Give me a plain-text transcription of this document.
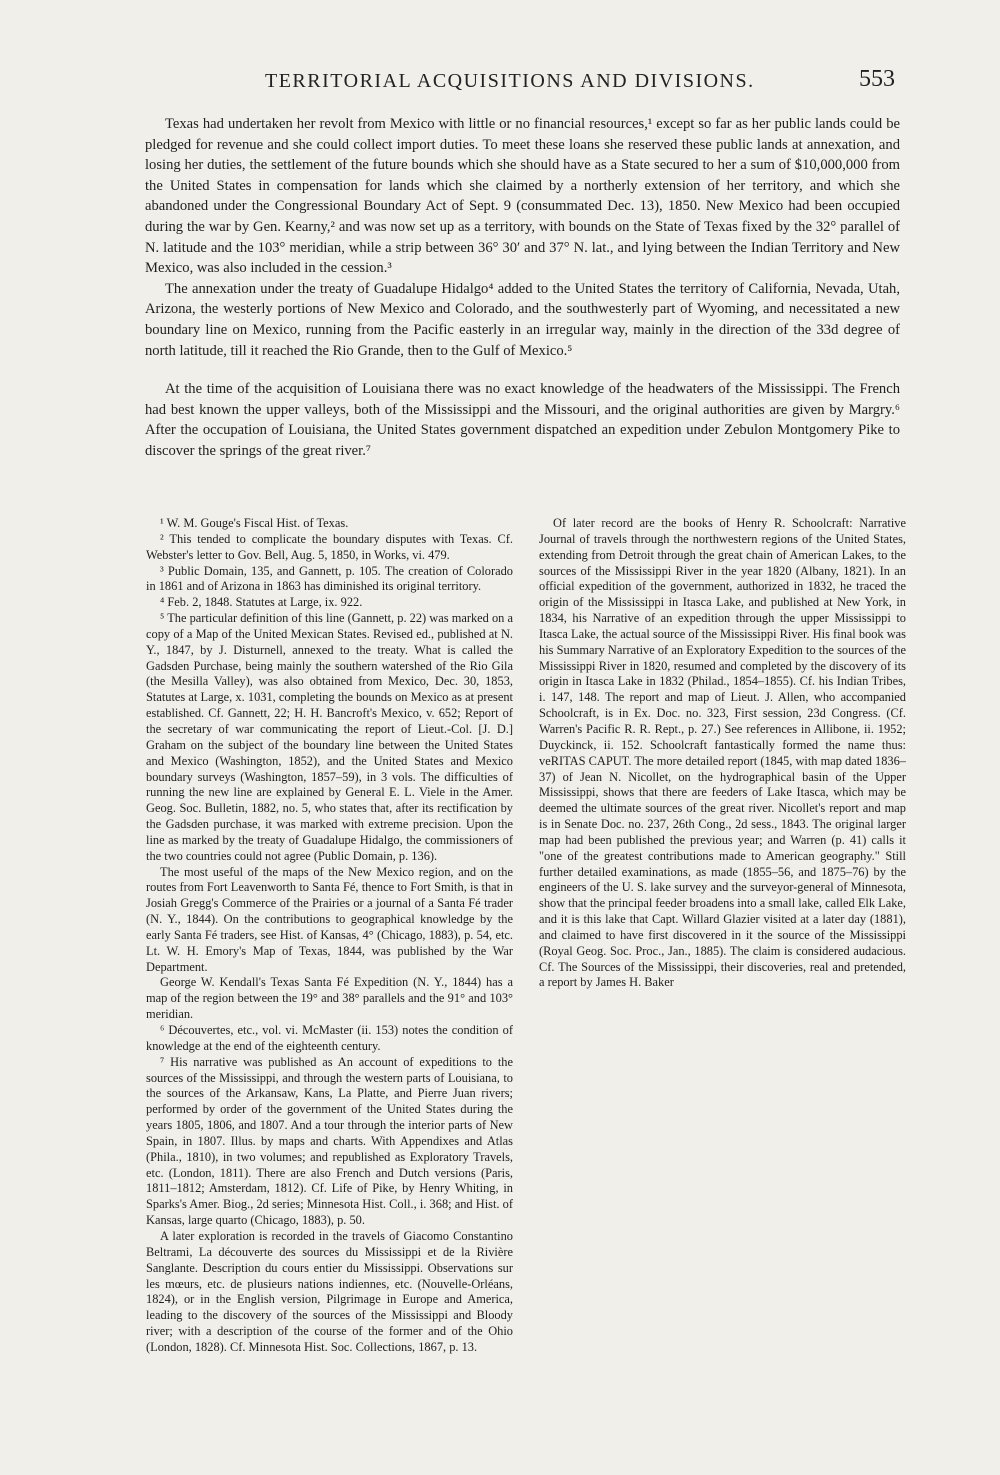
TERRITORIAL ACQUISITIONS AND DIVISIONS.	553

Texas had undertaken her revolt from Mexico with little or no financial resources,¹ except so far as her public lands could be pledged for revenue and she could collect import duties. To meet these loans she reserved these public lands at annexation, and losing her duties, the settlement of the future bounds which she should have as a State secured to her a sum of $10,000,000 from the United States in compensation for lands which she claimed by a northerly extension of her territory, and which she abandoned under the Congressional Boundary Act of Sept. 9 (consummated Dec. 13), 1850. New Mexico had been occupied during the war by Gen. Kearny,² and was now set up as a territory, with bounds on the State of Texas fixed by the 32° parallel of N. latitude and the 103° meridian, while a strip between 36° 30′ and 37° N. lat., and lying between the Indian Territory and New Mexico, was also included in the cession.³

The annexation under the treaty of Guadalupe Hidalgo⁴ added to the United States the territory of California, Nevada, Utah, Arizona, the westerly portions of New Mexico and Colorado, and the southwesterly part of Wyoming, and necessitated a new boundary line on Mexico, running from the Pacific easterly in an irregular way, mainly in the direction of the 33d degree of north latitude, till it reached the Rio Grande, then to the Gulf of Mexico.⁵

At the time of the acquisition of Louisiana there was no exact knowledge of the headwaters of the Mississippi. The French had best known the upper valleys, both of the Mississippi and the Missouri, and the original authorities are given by Margry.⁶ After the occupation of Louisiana, the United States government dispatched an expedition under Zebulon Montgomery Pike to discover the springs of the great river.⁷

¹ W. M. Gouge's Fiscal Hist. of Texas.

² This tended to complicate the boundary disputes with Texas. Cf. Webster's letter to Gov. Bell, Aug. 5, 1850, in Works, vi. 479.

³ Public Domain, 135, and Gannett, p. 105. The creation of Colorado in 1861 and of Arizona in 1863 has diminished its original territory.

⁴ Feb. 2, 1848. Statutes at Large, ix. 922.

⁵ The particular definition of this line (Gannett, p. 22) was marked on a copy of a Map of the United Mexican States. Revised ed., published at N. Y., 1847, by J. Disturnell, annexed to the treaty. What is called the Gadsden Purchase, being mainly the southern watershed of the Rio Gila (the Mesilla Valley), was also obtained from Mexico, Dec. 30, 1853, Statutes at Large, x. 1031, completing the bounds on Mexico as at present established. Cf. Gannett, 22; H. H. Bancroft's Mexico, v. 652; Report of the secretary of war communicating the report of Lieut.-Col. [J. D.] Graham on the subject of the boundary line between the United States and Mexico (Washington, 1852), and the United States and Mexico boundary surveys (Washington, 1857–59), in 3 vols. The difficulties of running the new line are explained by General E. L. Viele in the Amer. Geog. Soc. Bulletin, 1882, no. 5, who states that, after its rectification by the Gadsden purchase, it was marked with extreme precision. Upon the line as marked by the treaty of Guadalupe Hidalgo, the commissioners of the two countries could not agree (Public Domain, p. 136).

The most useful of the maps of the New Mexico region, and on the routes from Fort Leavenworth to Santa Fé, thence to Fort Smith, is that in Josiah Gregg's Commerce of the Prairies or a journal of a Santa Fé trader (N. Y., 1844). On the contributions to geographical knowledge by the early Santa Fé traders, see Hist. of Kansas, 4° (Chicago, 1883), p. 54, etc. Lt. W. H. Emory's Map of Texas, 1844, was published by the War Department.

George W. Kendall's Texas Santa Fé Expedition (N. Y., 1844) has a map of the region between the 19° and 38° parallels and the 91° and 103° meridian.

⁶ Découvertes, etc., vol. vi. McMaster (ii. 153) notes the condition of knowledge at the end of the eighteenth century.

⁷ His narrative was published as An account of expeditions to the sources of the Mississippi, and through the western parts of Louisiana, to the sources of the Arkansaw, Kans, La Platte, and Pierre Juan rivers; performed by order of the government of the United States during the years 1805, 1806, and 1807. And a tour through the interior parts of New Spain, in 1807. Illus. by maps and charts. With Appendixes and Atlas (Phila., 1810), in two volumes; and republished as Exploratory Travels, etc. (London, 1811). There are also French and Dutch versions (Paris, 1811–1812; Amsterdam, 1812). Cf. Life of Pike, by Henry Whiting, in Sparks's Amer. Biog., 2d series; Minnesota Hist. Coll., i. 368; and Hist. of Kansas, large quarto (Chicago, 1883), p. 50.

A later exploration is recorded in the travels of Giacomo Constantino Beltrami, La découverte des sources du Mississippi et de la Rivière Sanglante. Description du cours entier du Mississippi. Observations sur les mœurs, etc. de plusieurs nations indiennes, etc. (Nouvelle-Orléans, 1824), or in the English version, Pilgrimage in Europe and America, leading to the discovery of the sources of the Mississippi and Bloody river; with a description of the course of the former and of the Ohio (London, 1828). Cf. Minnesota Hist. Soc. Collections, 1867, p. 13.

Of later record are the books of Henry R. Schoolcraft: Narrative Journal of travels through the northwestern regions of the United States, extending from Detroit through the great chain of American Lakes, to the sources of the Mississippi River in the year 1820 (Albany, 1821). In an official expedition of the government, authorized in 1832, he traced the origin of the Mississippi in Itasca Lake, and published at New York, in 1834, his Narrative of an expedition through the upper Mississippi to Itasca Lake, the actual source of the Mississippi River. His final book was his Summary Narrative of an Exploratory Expedition to the sources of the Mississippi River in 1820, resumed and completed by the discovery of its origin in Itasca Lake in 1832 (Philad., 1854–1855). Cf. his Indian Tribes, i. 147, 148. The report and map of Lieut. J. Allen, who accompanied Schoolcraft, is in Ex. Doc. no. 323, First session, 23d Congress. (Cf. Warren's Pacific R. R. Rept., p. 27.) See references in Allibone, ii. 1952; Duyckinck, ii. 152. Schoolcraft fantastically formed the name thus: veRITAS CAPUT. The more detailed report (1845, with map dated 1836–37) of Jean N. Nicollet, on the hydrographical basin of the Upper Mississippi, shows that there are feeders of Lake Itasca, which may be deemed the ultimate sources of the great river. Nicollet's report and map is in Senate Doc. no. 237, 26th Cong., 2d sess., 1843. The original larger map had been published the previous year; and Warren (p. 41) calls it "one of the greatest contributions made to American geography." Still further detailed examinations, as made (1855–56, and 1875–76) by the engineers of the U. S. lake survey and the surveyor-general of Minnesota, show that the principal feeder broadens into a small lake, called Elk Lake, and it is this lake that Capt. Willard Glazier visited at a later day (1881), and claimed to have first discovered in it the source of the Mississippi (Royal Geog. Soc. Proc., Jan., 1885). The claim is considered audacious. Cf. The Sources of the Mississippi, their discoveries, real and pretended, a report by James H. Baker
